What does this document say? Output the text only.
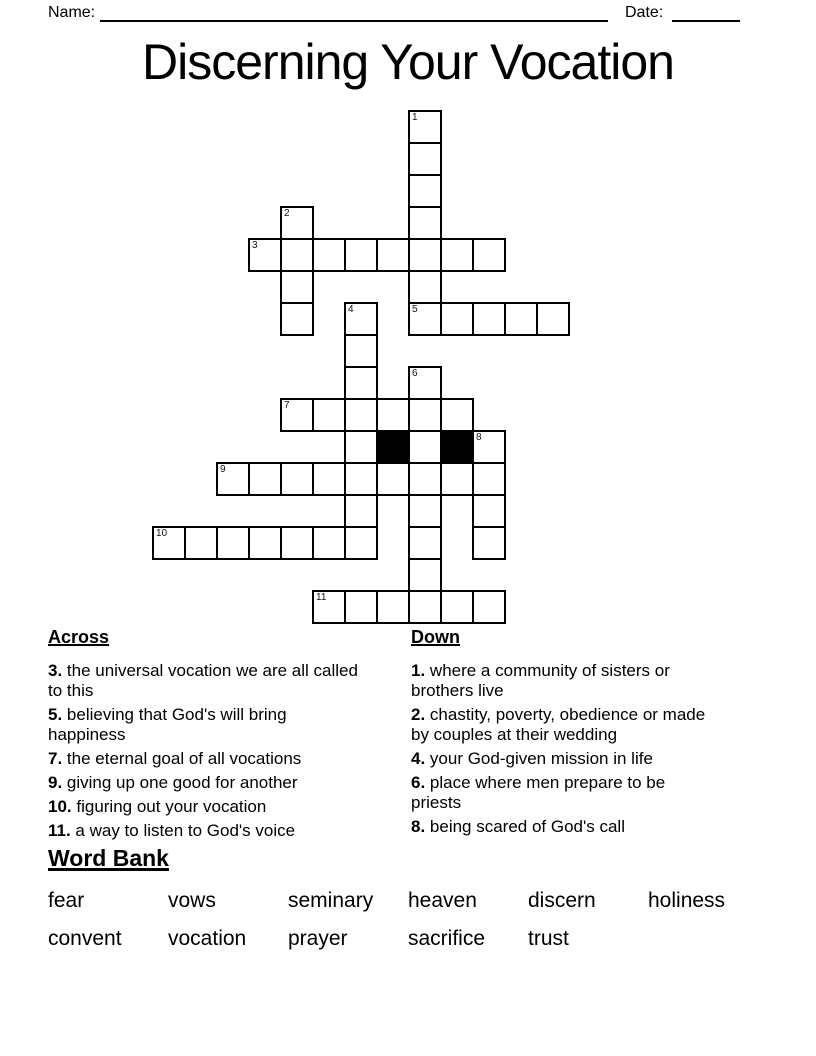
Name:	Date:
Discerning Your Vocation
1
2
3
4	5
6
7
8
9
10
11
Across
3. the universal vocation we are all called to this
5. believing that God's will bring happiness
7. the eternal goal of all vocations
9. giving up one good for another
10. figuring out your vocation
11. a way to listen to God's voice
Down
1. where a community of sisters or brothers live
2. chastity, poverty, obedience or made by couples at their wedding
4. your God-given mission in life
6. place where men prepare to be priests
8. being scared of God's call
Word Bank
fear	vows	seminary	heaven	discern	holiness
convent	vocation	prayer	sacrifice	trust
